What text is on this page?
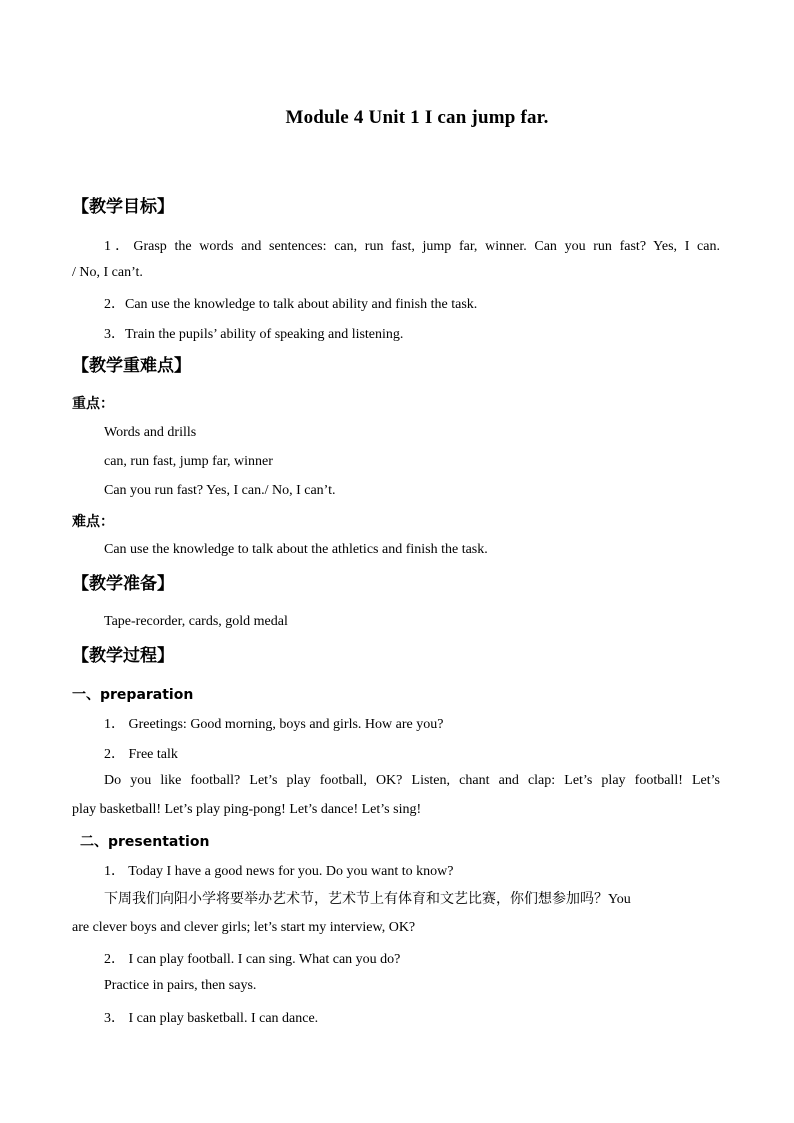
Module 4 Unit 1 I can jump far.
【教学目标】
1．Grasp the words and sentences: can, run fast, jump far, winner. Can you run fast? Yes, I can.
/ No, I can’t.
2．Can use the knowledge to talk about ability and finish the task.
3．Train the pupils’ ability of speaking and listening.
【教学重难点】
重点：
Words and drills
can, run fast, jump far, winner
Can you run fast? Yes, I can./ No, I can’t.
难点：
Can use the knowledge to talk about the athletics and finish the task.
【教学准备】
Tape-recorder, cards, gold medal
【教学过程】
一、preparation
1． Greetings: Good morning, boys and girls. How are you?
2． Free talk
Do you like football? Let’s play football, OK? Listen, chant and clap: Let’s play football! Let’s
play basketball! Let’s play ping-pong! Let’s dance! Let’s sing!
二、presentation
1． Today I have a good news for you. Do you want to know?
下周我们向阳小学将要举办艺术节，艺术节上有体育和文艺比赛，你们想参加吗？You
are clever boys and clever girls; let’s start my interview, OK?
2． I can play football. I can sing. What can you do?
Practice in pairs, then says.
3． I can play basketball. I can dance.
